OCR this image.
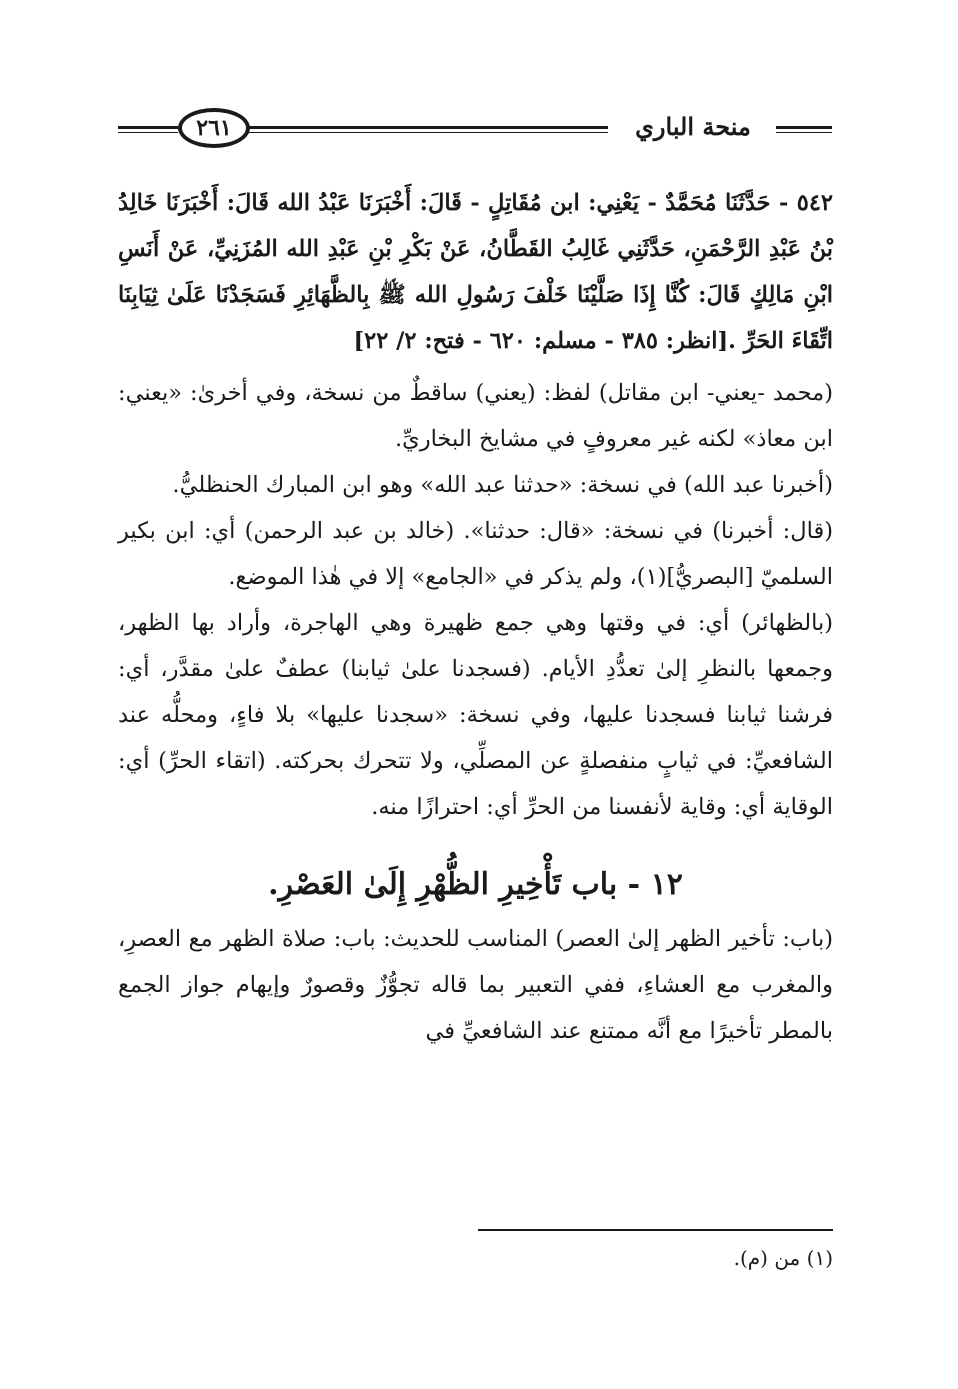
٢٦١	منحة الباري

٥٤٢ - حَدَّثَنَا مُحَمَّدٌ - يَعْنِي: ابن مُقَاتِلٍ - قَالَ: أَخْبَرَنَا عَبْدُ الله قَالَ: أَخْبَرَنَا خَالِدُ بْنُ عَبْدِ الرَّحْمَنِ، حَدَّثَنِي غَالِبُ القَطَّانُ، عَنْ بَكْرِ بْنِ عَبْدِ الله المُزَنِيِّ، عَنْ أَنَسِ ابْنِ مَالِكٍ قَالَ: كُنَّا إِذَا صَلَّيْنَا خَلْفَ رَسُولِ الله ﷺ بِالظَّهَائِرِ فَسَجَدْنَا عَلَىٰ ثِيَابِنَا اتِّقَاءَ الحَرِّ .[انظر: ٣٨٥ - مسلم: ٦٢٠ - فتح: ٢/ ٢٢]

(محمد -يعني- ابن مقاتل) لفظ: (يعني) ساقطٌ من نسخة، وفي أخرىٰ: «يعني: ابن معاذ» لكنه غير معروفٍ في مشايخ البخاريِّ.

(أخبرنا عبد الله) في نسخة: «حدثنا عبد الله» وهو ابن المبارك الحنظليُّ.

(قال: أخبرنا) في نسخة: «قال: حدثنا». (خالد بن عبد الرحمن) أي: ابن بكير السلميّ [البصريُّ](١)، ولم يذكر في «الجامع» إلا في هٰذا الموضع.

(بالظهائر) أي: في وقتها وهي جمع ظهيرة وهي الهاجرة، وأراد بها الظهر، وجمعها بالنظرِ إلىٰ تعدُّدِ الأيام. (فسجدنا علىٰ ثيابنا) عطفٌ علىٰ مقدَّر، أي: فرشنا ثيابنا فسجدنا عليها، وفي نسخة: «سجدنا عليها» بلا فاءٍ، ومحلُّه عند الشافعيِّ: في ثيابٍ منفصلةٍ عن المصلِّي، ولا تتحرك بحركته. (اتقاء الحرِّ) أي: الوقاية أي: وقاية لأنفسنا من الحرِّ أي: احترازًا منه.

١٢ - باب تَأْخِيرِ الظُّهْرِ إِلَىٰ العَصْرِ.

(باب: تأخير الظهر إلىٰ العصر) المناسب للحديث: باب: صلاة الظهر مع العصرِ، والمغرب مع العشاءِ، ففي التعبير بما قاله تجوُّزٌ وقصورٌ وإيهام جواز الجمع بالمطر تأخيرًا مع أنَّه ممتنع عند الشافعيِّ في

(١) من (م).
